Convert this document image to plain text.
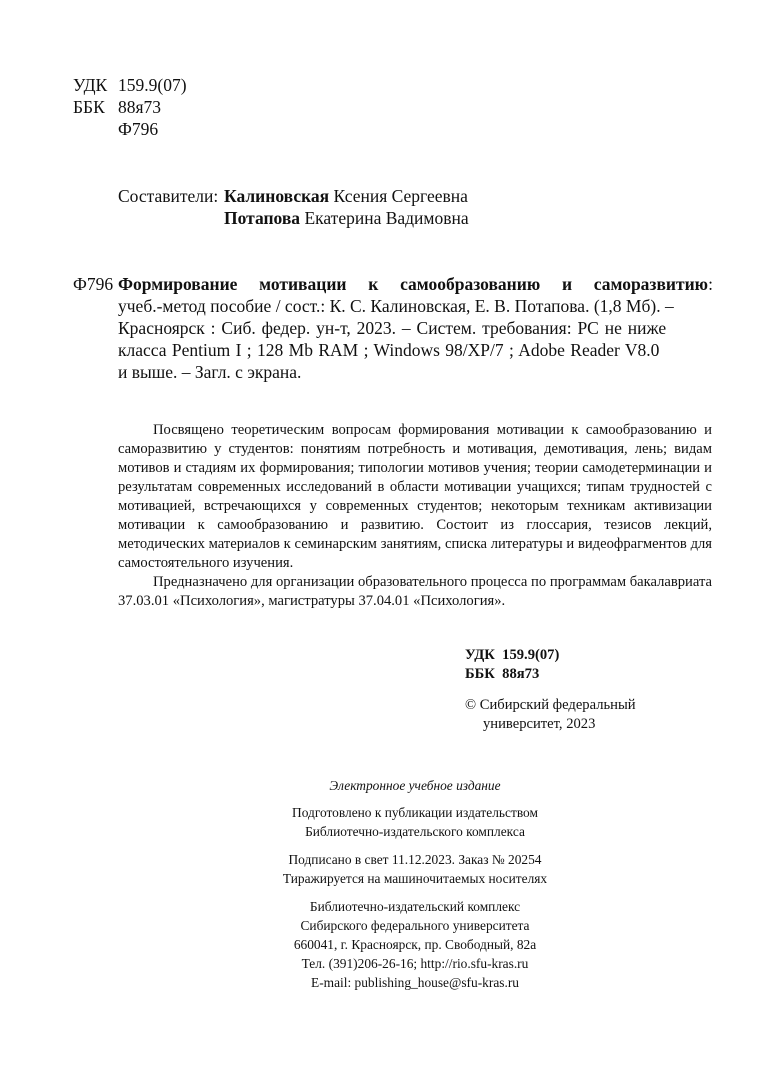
УДК 159.9(07)
ББК 88я73
Ф796
Составители: Калиновская Ксения Сергеевна
Потапова Екатерина Вадимовна
Ф796 Формирование мотивации к самообразованию и саморазвитию :
учеб.-метод пособие / сост.: К. С. Калиновская, Е. В. Потапова. (1,8 Мб). –
Красноярск : Сиб. федер. ун-т, 2023. – Систем. требования: PC не ниже
класса Pentium I ; 128 Mb RAM ; Windows 98/XP/7 ; Adobe Reader V8.0
и выше. – Загл. с экрана.
Посвящено теоретическим вопросам формирования мотивации к самообразованию и саморазвитию у студентов: понятиям потребность и мотивация, демотивация, лень; видам мотивов и стадиям их формирования; типологии мотивов учения; теории самодетерминации и результатам современных исследований в области мотивации учащихся; типам трудностей с мотивацией, встречающихся у современных студентов; некоторым техникам активизации мотивации к самообразованию и развитию. Состоит из глоссария, тезисов лекций, методических материалов к семинарским занятиям, списка литературы и видеофрагментов для самостоятельного изучения.
Предназначено для организации образовательного процесса по программам бакалавриата 37.03.01 «Психология», магистратуры 37.04.01 «Психология».
УДК  159.9(07)
ББК  88я73
© Сибирский федеральный
университет, 2023
Электронное учебное издание
Подготовлено к публикации издательством
Библиотечно-издательского комплекса
Подписано в свет 11.12.2023. Заказ № 20254
Тиражируется на машиночитаемых носителях
Библиотечно-издательский комплекс
Сибирского федерального университета
660041, г. Красноярск, пр. Свободный, 82а
Тел. (391)206-26-16; http://rio.sfu-kras.ru
E-mail: publishing_house@sfu-kras.ru
